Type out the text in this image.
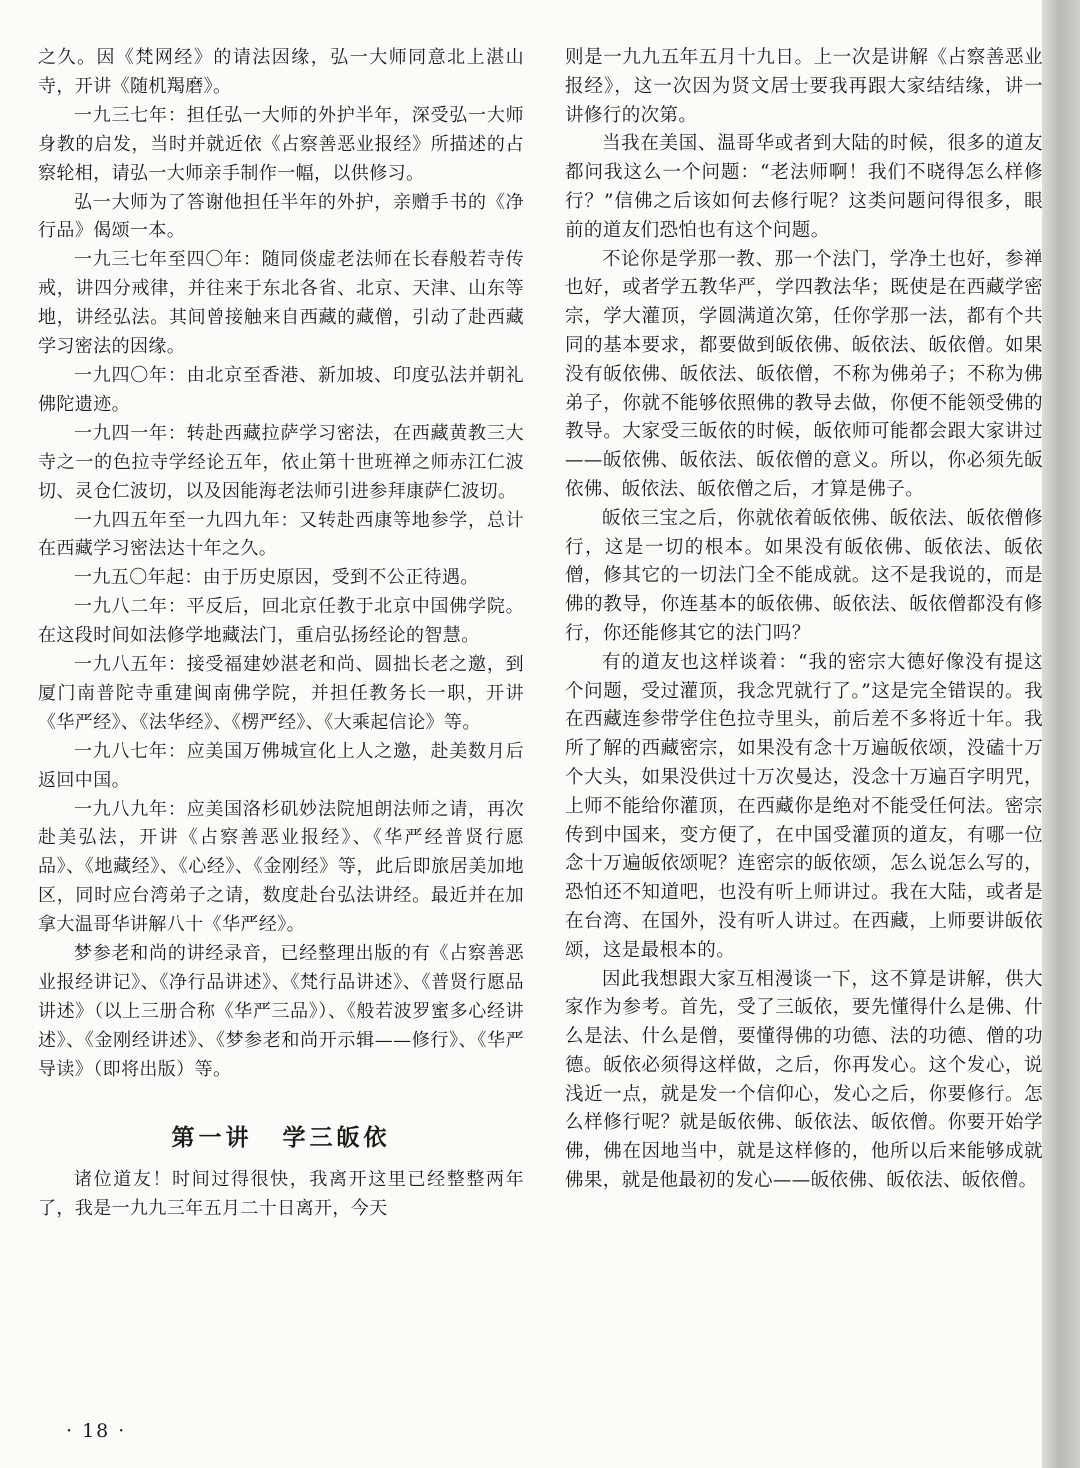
之久。因《梵网经》的请法因缘，弘一大师同意北上湛山寺，开讲《随机羯磨》。

一九三七年：担任弘一大师的外护半年，深受弘一大师身教的启发，当时并就近依《占察善恶业报经》所描述的占察轮相，请弘一大师亲手制作一幅，以供修习。

弘一大师为了答谢他担任半年的外护，亲赠手书的《净行品》偈颂一本。

一九三七年至四〇年：随同倓虚老法师在长春般若寺传戒，讲四分戒律，并往来于东北各省、北京、天津、山东等地，讲经弘法。其间曾接触来自西藏的藏僧，引动了赴西藏学习密法的因缘。

一九四〇年：由北京至香港、新加坡、印度弘法并朝礼佛陀遗迹。

一九四一年：转赴西藏拉萨学习密法，在西藏黄教三大寺之一的色拉寺学经论五年，依止第十世班禅之师赤江仁波切、灵仓仁波切，以及因能海老法师引进参拜康萨仁波切。

一九四五年至一九四九年：又转赴西康等地参学，总计在西藏学习密法达十年之久。

一九五〇年起：由于历史原因，受到不公正待遇。

一九八二年：平反后，回北京任教于北京中国佛学院。在这段时间如法修学地藏法门，重启弘扬经论的智慧。

一九八五年：接受福建妙湛老和尚、圆拙长老之邀，到厦门南普陀寺重建闽南佛学院，并担任教务长一职，开讲《华严经》、《法华经》、《楞严经》、《大乘起信论》等。

一九八七年：应美国万佛城宣化上人之邀，赴美数月后返回中国。

一九八九年：应美国洛杉矶妙法院旭朗法师之请，再次赴美弘法，开讲《占察善恶业报经》、《华严经普贤行愿品》、《地藏经》、《心经》、《金刚经》等，此后即旅居美加地区，同时应台湾弟子之请，数度赴台弘法讲经。最近并在加拿大温哥华讲解八十《华严经》。

梦参老和尚的讲经录音，已经整理出版的有《占察善恶业报经讲记》、《净行品讲述》、《梵行品讲述》、《普贤行愿品讲述》（以上三册合称《华严三品》）、《般若波罗蜜多心经讲述》、《金刚经讲述》、《梦参老和尚开示辑——修行》、《华严导读》（即将出版）等。

第一讲 学三皈依

诸位道友！时间过得很快，我离开这里已经整整两年了，我是一九九三年五月二十日离开，今天

则是一九九五年五月十九日。上一次是讲解《占察善恶业报经》，这一次因为贤文居士要我再跟大家结结缘，讲一讲修行的次第。

当我在美国、温哥华或者到大陆的时候，很多的道友都问我这么一个问题：“老法师啊！我们不晓得怎么样修行？”信佛之后该如何去修行呢？这类问题问得很多，眼前的道友们恐怕也有这个问题。

不论你是学那一教、那一个法门，学净土也好，参禅也好，或者学五教华严，学四教法华；既使是在西藏学密宗，学大灌顶，学圆满道次第，任你学那一法，都有个共同的基本要求，都要做到皈依佛、皈依法、皈依僧。如果没有皈依佛、皈依法、皈依僧，不称为佛弟子；不称为佛弟子，你就不能够依照佛的教导去做，你便不能领受佛的教导。大家受三皈依的时候，皈依师可能都会跟大家讲过——皈依佛、皈依法、皈依僧的意义。所以，你必须先皈依佛、皈依法、皈依僧之后，才算是佛子。

皈依三宝之后，你就依着皈依佛、皈依法、皈依僧修行，这是一切的根本。如果没有皈依佛、皈依法、皈依僧，修其它的一切法门全不能成就。这不是我说的，而是佛的教导，你连基本的皈依佛、皈依法、皈依僧都没有修行，你还能修其它的法门吗？

有的道友也这样谈着：“我的密宗大德好像没有提这个问题，受过灌顶，我念咒就行了。”这是完全错误的。我在西藏连参带学住色拉寺里头，前后差不多将近十年。我所了解的西藏密宗，如果没有念十万遍皈依颂，没磕十万个大头，如果没供过十万次曼达，没念十万遍百字明咒，上师不能给你灌顶，在西藏你是绝对不能受任何法。密宗传到中国来，变方便了，在中国受灌顶的道友，有哪一位念十万遍皈依颂呢？连密宗的皈依颂，怎么说怎么写的，恐怕还不知道吧，也没有听上师讲过。我在大陆，或者是在台湾、在国外，没有听人讲过。在西藏，上师要讲皈依颂，这是最根本的。

因此我想跟大家互相漫谈一下，这不算是讲解，供大家作为参考。首先，受了三皈依，要先懂得什么是佛、什么是法、什么是僧，要懂得佛的功德、法的功德、僧的功德。皈依必须得这样做，之后，你再发心。这个发心，说浅近一点，就是发一个信仰心，发心之后，你要修行。怎么样修行呢？就是皈依佛、皈依法、皈依僧。你要开始学佛，佛在因地当中，就是这样修的，他所以后来能够成就佛果，就是他最初的发心——皈依佛、皈依法、皈依僧。

· 18 ·
